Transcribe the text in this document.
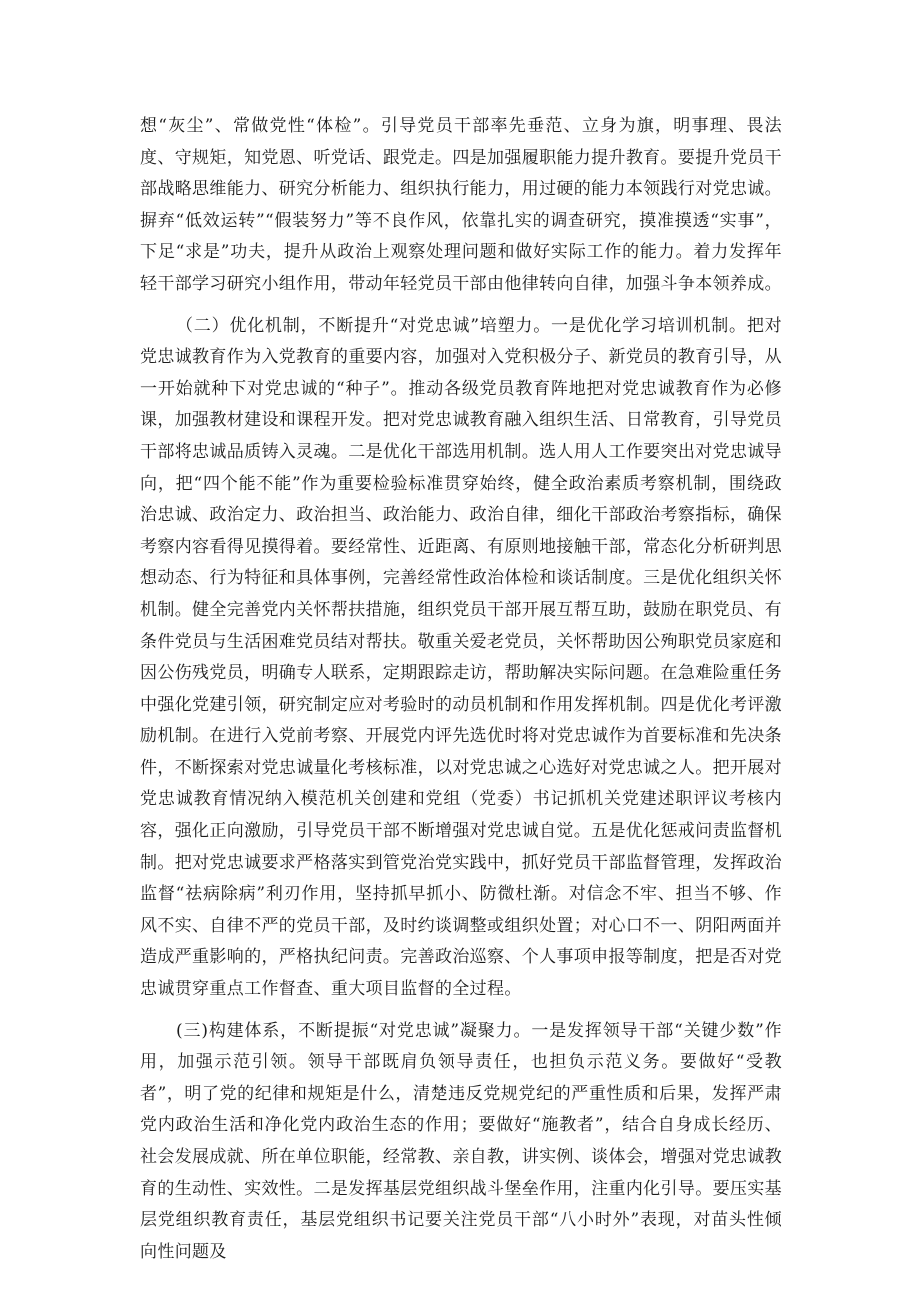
想“灰尘”、常做党性“体检”。引导党员干部率先垂范、立身为旗，明事理、畏法度、守规矩，知党恩、听党话、跟党走。四是加强履职能力提升教育。要提升党员干部战略思维能力、研究分析能力、组织执行能力，用过硬的能力本领践行对党忠诚。摒弃“低效运转”“假装努力”等不良作风，依靠扎实的调查研究，摸准摸透“实事”，下足“求是”功夫，提升从政治上观察处理问题和做好实际工作的能力。着力发挥年轻干部学习研究小组作用，带动年轻党员干部由他律转向自律，加强斗争本领养成。

（二）优化机制，不断提升“对党忠诚”培塑力。一是优化学习培训机制。把对党忠诚教育作为入党教育的重要内容，加强对入党积极分子、新党员的教育引导，从一开始就种下对党忠诚的“种子”。推动各级党员教育阵地把对党忠诚教育作为必修课，加强教材建设和课程开发。把对党忠诚教育融入组织生活、日常教育，引导党员干部将忠诚品质铸入灵魂。二是优化干部选用机制。选人用人工作要突出对党忠诚导向，把“四个能不能”作为重要检验标准贯穿始终，健全政治素质考察机制，围绕政治忠诚、政治定力、政治担当、政治能力、政治自律，细化干部政治考察指标，确保考察内容看得见摸得着。要经常性、近距离、有原则地接触干部，常态化分析研判思想动态、行为特征和具体事例，完善经常性政治体检和谈话制度。三是优化组织关怀机制。健全完善党内关怀帮扶措施，组织党员干部开展互帮互助，鼓励在职党员、有条件党员与生活困难党员结对帮扶。敬重关爱老党员，关怀帮助因公殉职党员家庭和因公伤残党员，明确专人联系，定期跟踪走访，帮助解决实际问题。在急难险重任务中强化党建引领，研究制定应对考验时的动员机制和作用发挥机制。四是优化考评激励机制。在进行入党前考察、开展党内评先选优时将对党忠诚作为首要标准和先决条件，不断探索对党忠诚量化考核标准，以对党忠诚之心选好对党忠诚之人。把开展对党忠诚教育情况纳入模范机关创建和党组（党委）书记抓机关党建述职评议考核内容，强化正向激励，引导党员干部不断增强对党忠诚自觉。五是优化惩戒问责监督机制。把对党忠诚要求严格落实到管党治党实践中，抓好党员干部监督管理，发挥政治监督“祛病除病”利刃作用，坚持抓早抓小、防微杜渐。对信念不牢、担当不够、作风不实、自律不严的党员干部，及时约谈调整或组织处置；对心口不一、阴阳两面并造成严重影响的，严格执纪问责。完善政治巡察、个人事项申报等制度，把是否对党忠诚贯穿重点工作督查、重大项目监督的全过程。

(三)构建体系，不断提振“对党忠诚”凝聚力。一是发挥领导干部“关键少数”作用，加强示范引领。领导干部既肩负领导责任，也担负示范义务。要做好“受教者”，明了党的纪律和规矩是什么，清楚违反党规党纪的严重性质和后果，发挥严肃党内政治生活和净化党内政治生态的作用；要做好“施教者”，结合自身成长经历、社会发展成就、所在单位职能，经常教、亲自教，讲实例、谈体会，增强对党忠诚教育的生动性、实效性。二是发挥基层党组织战斗堡垒作用，注重内化引导。要压实基层党组织教育责任，基层党组织书记要关注党员干部“八小时外”表现，对苗头性倾向性问题及
